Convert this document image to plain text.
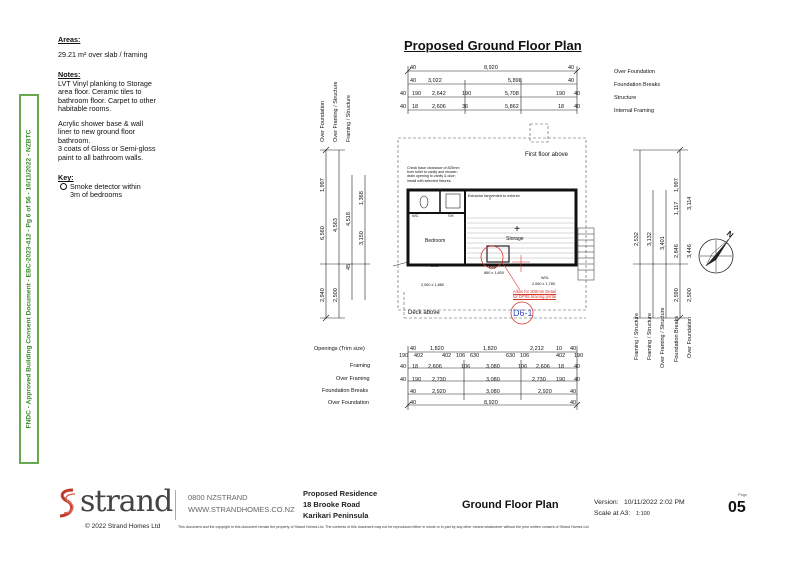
FNDC - Approved Building Consent Document - EBC-2023-412 - Pg 6 of 56 - 16/11/2022 - NZBTC

Areas:

29.21 m² over slab / framing

Notes:

LVT Vinyl planking to Storage

area floor. Ceramic tiles to

bathroom floor. Carpet to other

habitable rooms.

Acrylic shower base & wall

liner to new ground floor

bathroom.

3 coats of Gloss or Semi-gloss

paint to all bathroom walls.

Key:

Smoke detector within

3m of bedrooms

Proposed Ground Floor Plan
+
Over Foundation
Foundation Breaks
Structure
Internal Framing
8,920
40	40
40 3,022	5,898	40
40 190 2,642	190	5,708	190 40
40 18	2,606	36	5,862	18 40
Over Foundation Over Framing / Structure Framing / Structure
1,997
6,560
4,563 4,518
3,150
1,368
45
2,940 2,500
Framing / Structure Framing / Structure Over Framing / Structure Foundation Breaks Over Foundation
1,997
3,114
1,117
3,446
3,401
2,532 3,132
2,590 2,500
2,846
First floor above
Deck above
Bedroom	Storage
WC	SH
Check base clearance of 825mm from toilet to vanity and shower; drain opening to vanity & door; install with selected fixtures.
Extractor fan vented to exterior
Allow for 300mm Detail
for DP08 bracing portal
D6-1
D01	D02
W01
2,060 x 1,880
860 x 1,800
2,060 x 1,780
N
Openings (Trim size)
Framing
Over Framing
Foundation Breaks
Over Foundation
40	1,820	1,820	2,212 10 40
190 402	402 106 630	630 106	402 190
40 18 2,606	106	3,080	106 2,606 18 40
40 190 2,730	3,080	2,730 190 40
40	2,920	3,080	2,920	40
40	8,920	40
strand 0800 NZSTRAND
WWW.STRANDHOMES.CO.NZ
© 2022 Strand Homes Ltd
Proposed Residence
18 Brooke Road
Karikari Peninsula
Ground Floor Plan	Version: 10/11/2022 2:02 PM
Scale at A3: 1:100
Page
05
This document and the copyright in this document remain the property of Strand Homes Ltd. The contents of this document may not be reproduced either in whole or in part by any other means whatsoever without the prior written consent of Strand Homes Ltd.
